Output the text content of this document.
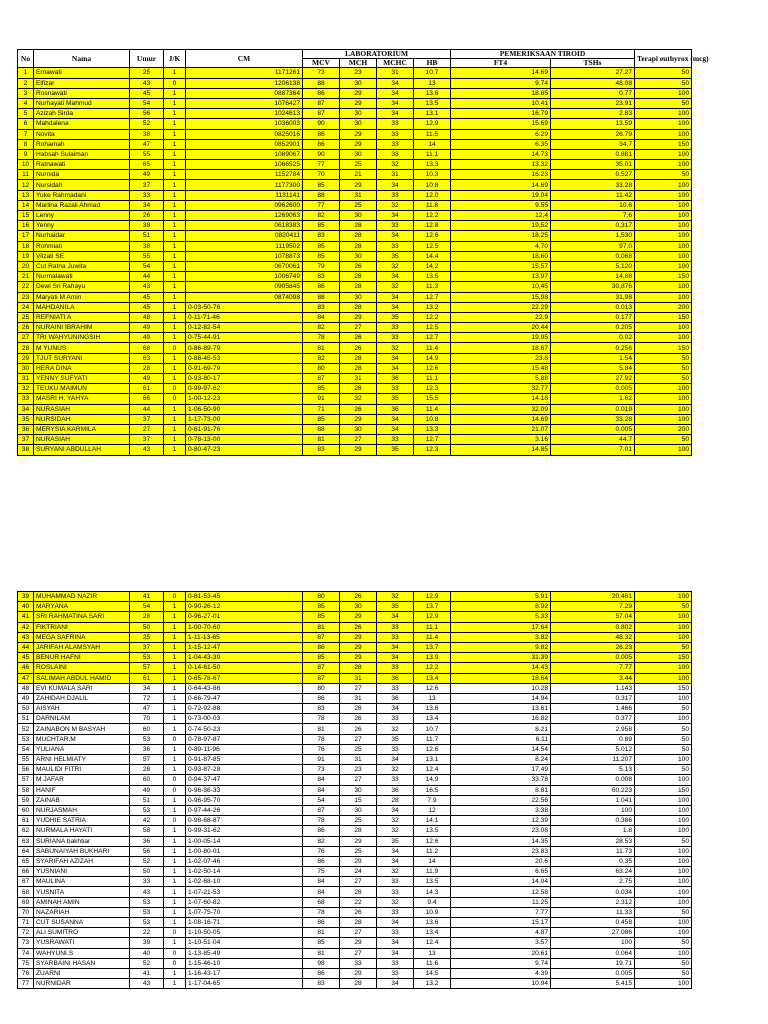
No	Nama	Umur	J/K	CM	LABORATORIUM				PEMERIKSAAN TIROID		Terapi euthyrox (mcg)
					MCV	MCH	MCHC	HB	FT4	TSHs	
1	Ernawati	25	1	1171261	73	23	31	10.7	14.69	27.27	50
2	Elfizar	43	0	1206138	88	30	34	13	9.74	48.08	50
3	Rosnawati	45	1	0887364	86	29	34	13.6	18.65	0.77	100
4	Nurhayati Mahmud	54	1	1076427	87	29	34	13.5	10.41	23.91	50
5	Azizah Sirda	56	1	1024613	87	30	34	13.1	16.79	2.83	100
6	Mahdalena	52	1	1036003	90	30	33	12.9	15.69	13.59	100
7	Novita	38	1	0825016	86	29	33	11.5	6.29	26.79	100
8	Rohamah	47	1	0852901	86	29	33	14	6.35	34.7	150
9	Habsah Sulaiman	55	1	1089067	90	30	33	11.1	14.73	0.881	100
10	Ratnawati	65	1	1066525	77	25	32	13.3	13.32	35.01	100
11	Nurnida	49	1	1152784	70	21	31	10.3	16.23	0.527	50
12	Nursidah	37	1	1177300	85	29	34	10.8	14.69	33.28	100
13	Yuke Rahmadani	33	1	1131141	88	31	33	12.0	19.04	11.42	100
14	Marlina Razali Ahmad	34	1	0962600	77	25	32	11.8	9.55	10.6	100
15	Lenny	26	1	1269063	82	30	34	12.2	12,4	7,6	100
16	Yenny	38	1	0618383	85	28	33	12.8	19,52	0,317	100
17	Nurhaidar	51	1	0820411	83	28	34	12.6	18,25	1,530	100
18	Rohmiati	38	1	1119502	85	28	33	12.5	4,70	97,0	100
19	Vilzati SE	55	1	1078873	85	30	35	14.4	18,60	0,068	100
20	Cut Ratna Juwita	54	1	0670061	79	26	32	14.2	15,57	5,120	100
21	Nurmalawati	44	1	1006749	83	28	34	13.5	13,97	14,88	150
22	Dewi Sri Rahayu	43	1	0905845	86	28	32	11.3	10,45	30,876	100
23	Maryati M Amin	45	1	0874098	88	30	34	12.7	15,98	31,98	100
24	MAHDANILA	45	1	0-03-50-76	83	28	34	13.2	22.29	0.013	200
25	REFNIATI A	48	1	0-11-71-46	84	29	35	12.2	22.9	0.177	150
26	NURAINI IBRAHIM	49	1	0-12-82-54	82	27	33	12.5	20.44	0.205	100
27	TRI WAHYUNINGSIH	49	1	0-75-44-91	78	26	33	12.7	19.95	0.02	100
28	M YUNUS	68	0	0-86-89-79	81	26	32	11.4	18.67	0.256	150
29	TJUT SURYANI	63	1	0-88-45-53	82	28	34	14.9	23.8	1.54	50
30	HERA DINA	28	1	0-91-69-79	80	28	34	12.6	15.48	5.84	50
31	YENNY SUFYATI	49	1	0-93-80-17	87	31	36	11.1	5.88	27.92	50
32	TEUKU MAIMUN	61	0	0-99-97-62	85	28	33	12.3	32.77	0.005	100
33	MASRI H. YAHYA	66	0	1-00-12-23	91	32	35	15.5	14.18	1.62	100
34	NURASIAH	44	1	1-06-50-90	71	26	36	11.4	32.09	0.019	100
35	NURSIDAH	37	1	1-17-73-00	85	29	34	10.8	14.69	33.28	100
36	MERYSIA KARMILA	27	1	0-61-91-76	88	30	34	13.3	21.07	0.005	200
37	NURASIAH	37	1	0-78-13-00	81	27	33	12.7	3.16	44.7	50
38	SURYANI ABDULLAH	43	1	0-80-47-23	83	29	35	12.3	14.85	7.01	100
39	MUHAMMAD NAZIR	41	0	0-81-53-45	80	26	32	12.9	5.91	20.461	100
40	MARYANA	54	1	0-90-26-12	85	30	35	13.7	8.92	7.29	50
41	SRI RAHMATINA SARI	28	1	0-96-27-01	85	29	34	12.9	5.33	57.04	100
42	FIKTRIANI	50	1	1-00-70-60	81	26	33	11.1	17.64	0.802	100
43	MEGA SAFRINA	25	1	1-11-13-65	87	29	33	11.4	3.82	48.32	100
44	JARIFAH ALAMSYAH	37	1	1-15-12-47	86	29	34	13.7	9.82	26.23	50
45	BENUR HAFNI	53	1	1-04-43-39	85	29	34	13.9	31.39	0.005	150
46	ROSLAINI	57	1	0-14-61-50	87	28	33	12.2	14.43	7.77	100
47	SALIMAH ABDUL HAMID	61	1	0-65-78-67	87	31	36	13.4	18.64	3.44	100
48	EVI KUMALA SARI	34	1	0-64-43-86	80	27	33	12.6	10.28	1.143	150
49	ZAHIDAH DJALIL	72	1	0-66-79-47	86	31	36	13	14.94	0.317	100
50	AISYAH	47	1	0-72-92-88	83	28	34	13.6	13.61	1.466	50
51	DARNILAM	70	1	0-73-00-03	78	26	33	13.4	16.82	0.377	100
52	ZAINABON M BASYAH	60	1	0-74-50-23	81	26	32	10.7	8.21	2.958	50
53	MUCHTAR.M	53	0	0-78-97-87	78	27	35	11.7	6.11	0.89	50
54	YULIANA	36	1	0-89-11-96	76	25	33	12.6	14.54	5.012	50
55	ARNI HELMIATY	57	1	0-91-87-85	91	31	34	13.1	8.24	11.207	100
56	MAULIDI FITRI	28	1	0-93-87-28	73	23	32	12.4	17.49	5.13	50
57	M JAFAR	60	0	0-94-37-47	84	27	33	14.9	33.78	0.008	100
58	HANIF	49	0	0-96-36-33	84	30	36	16.5	8.81	60.223	150
59	ZAINAB	51	1	0-96-95-70	54	15	28	7.9	22.56	1.041	100
60	NURJASMAH	53	1	0-97-44-26	87	30	34	12	3.38	100	100
61	YUDHIE SATRIA	42	0	0-98-68-87	78	25	32	14.1	12.39	0.386	100
62	NURMALA HAYATI	58	1	0-99-31-62	86	28	32	13.5	23.08	1.8	100
63	SURIANA bakhtiar	36	1	1-00-05-14	82	29	35	12.6	14.35	28.53	50
64	SABUNAIYAH BUKHARI	56	1	1-00-80-01	76	25	34	11.2	23.83	11.73	100
65	SYARIFAH AZIZAH	52	1	1-02-07-46	86	29	34	14	20.6	0.35	100
66	YUSNIANI	50	1	1-02-50-14	75	24	32	11.9	6.65	63.24	100
67	MAULINA	33	1	1-02-68-10	84	27	33	13.5	14.04	2.75	100
68	YUSNITA	43	1	1-07-21-53	84	28	33	14.3	12.58	0.034	100
69	AMINAH AMIN	53	1	1-07-60-82	68	22	32	9.4	11.25	2.312	100
70	NAZARIAH	53	1	1-07-75-70	78	26	33	10.9	7.77	11.33	50
71	CUT SUSANNA	53	1	1-08-16-71	86	28	34	13.6	15.17	0.458	100
72	ALI SUMITRO	22	0	1-10-50-05	81	27	33	13.4	4.87	27.086	100
73	YUSRAWATI	39	1	1-10-51-04	85	29	34	12.4	3.57	100	50
74	WAHYUNI.S	40	0	1-13-85-49	81	27	34	13	20.61	0.064	100
75	SYARBAINI HASAN	52	0	1-15-46-10	98	33	33	11.6	9.74	19.71	50
76	ZUARNI	41	1	1-16-43-17	86	29	33	14.5	4.39	0.005	50
77	NURNIDAR	43	1	1-17-04-65	83	28	34	13.2	10.94	5.415	100
